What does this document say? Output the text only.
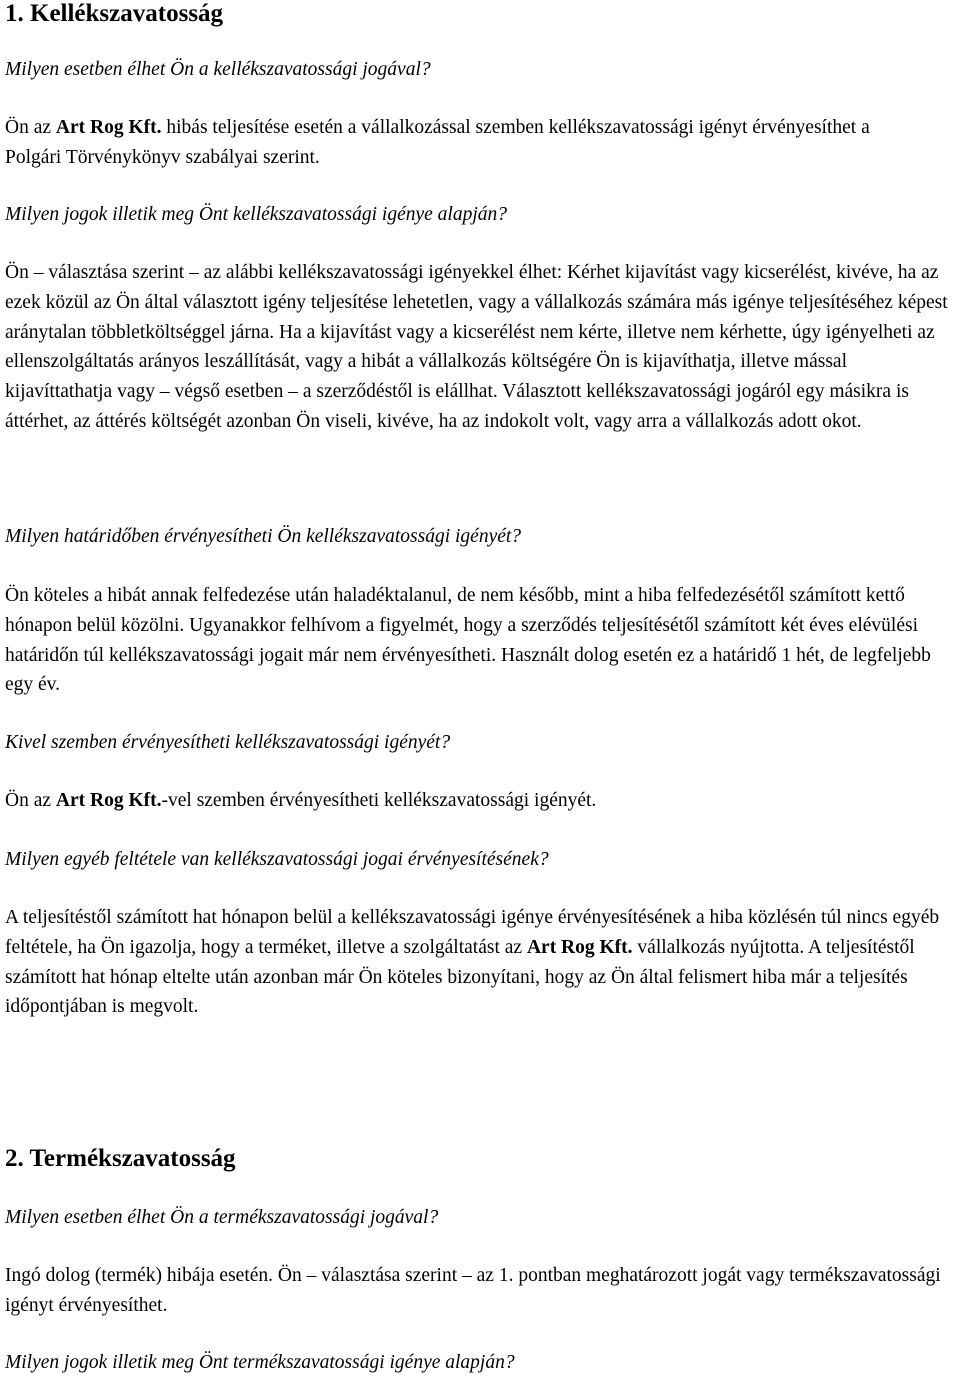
1. Kellékszavatosság

Milyen esetben élhet Ön a kellékszavatossági jogával?

Ön az Art Rog Kft. hibás teljesítése esetén a vállalkozással szemben kellékszavatossági igényt érvényesíthet a Polgári Törvénykönyv szabályai szerint.

Milyen jogok illetik meg Önt kellékszavatossági igénye alapján?

Ön – választása szerint – az alábbi kellékszavatossági igényekkel élhet: Kérhet kijavítást vagy kicserélést, kivéve, ha az ezek közül az Ön által választott igény teljesítése lehetetlen, vagy a vállalkozás számára más igénye teljesítéséhez képest aránytalan többletköltséggel járna. Ha a kijavítást vagy a kicserélést nem kérte, illetve nem kérhette, úgy igényelheti az ellenszolgáltatás arányos leszállítását, vagy a hibát a vállalkozás költségére Ön is kijavíthatja, illetve mással kijavíttathatja vagy – végső esetben – a szerződéstől is elállhat. Választott kellékszavatossági jogáról egy másikra is áttérhet, az áttérés költségét azonban Ön viseli, kivéve, ha az indokolt volt, vagy arra a vállalkozás adott okot.

Milyen határidőben érvényesítheti Ön kellékszavatossági igényét?

Ön köteles a hibát annak felfedezése után haladéktalanul, de nem később, mint a hiba felfedezésétől számított kettő hónapon belül közölni. Ugyanakkor felhívom a figyelmét, hogy a szerződés teljesítésétől számított két éves elévülési határidőn túl kellékszavatossági jogait már nem érvényesítheti. Használt dolog esetén ez a határidő 1 hét, de legfeljebb egy év.

Kivel szemben érvényesítheti kellékszavatossági igényét?

Ön az Art Rog Kft.-vel szemben érvényesítheti kellékszavatossági igényét.

Milyen egyéb feltétele van kellékszavatossági jogai érvényesítésének?

A teljesítéstől számított hat hónapon belül a kellékszavatossági igénye érvényesítésének a hiba közlésén túl nincs egyéb feltétele, ha Ön igazolja, hogy a terméket, illetve a szolgáltatást az Art Rog Kft. vállalkozás nyújtotta. A teljesítéstől számított hat hónap eltelte után azonban már Ön köteles bizonyítani, hogy az Ön által felismert hiba már a teljesítés időpontjában is megvolt.

2. Termékszavatosság

Milyen esetben élhet Ön a termékszavatossági jogával?

Ingó dolog (termék) hibája esetén. Ön – választása szerint – az 1. pontban meghatározott jogát vagy termékszavatossági igényt érvényesíthet.

Milyen jogok illetik meg Önt termékszavatossági igénye alapján?
